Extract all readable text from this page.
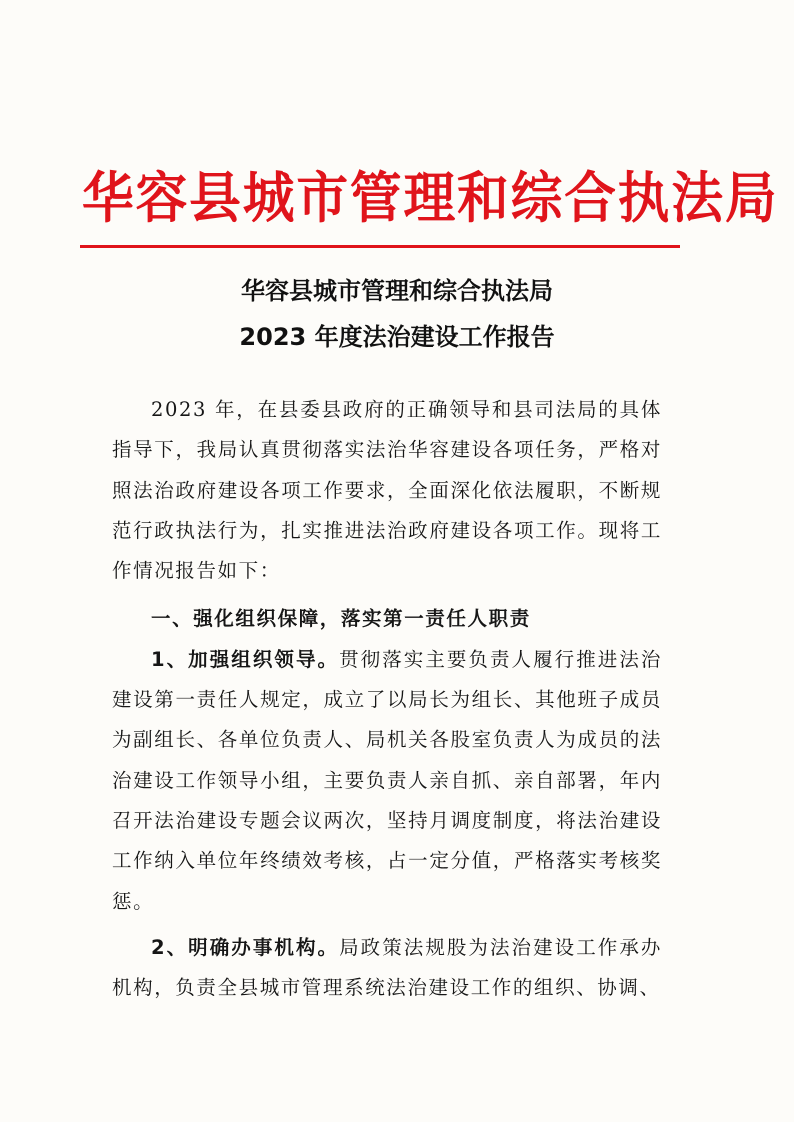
华容县城市管理和综合执法局
华容县城市管理和综合执法局
2023 年度法治建设工作报告

2023 年，在县委县政府的正确领导和县司法局的具体指导下，我局认真贯彻落实法治华容建设各项任务，严格对照法治政府建设各项工作要求，全面深化依法履职，不断规范行政执法行为，扎实推进法治政府建设各项工作。现将工作情况报告如下：

一、强化组织保障，落实第一责任人职责

1、加强组织领导。贯彻落实主要负责人履行推进法治建设第一责任人规定，成立了以局长为组长、其他班子成员为副组长、各单位负责人、局机关各股室负责人为成员的法治建设工作领导小组，主要负责人亲自抓、亲自部署，年内召开法治建设专题会议两次，坚持月调度制度，将法治建设工作纳入单位年终绩效考核，占一定分值，严格落实考核奖惩。

2、明确办事机构。局政策法规股为法治建设工作承办机构，负责全县城市管理系统法治建设工作的组织、协调、
